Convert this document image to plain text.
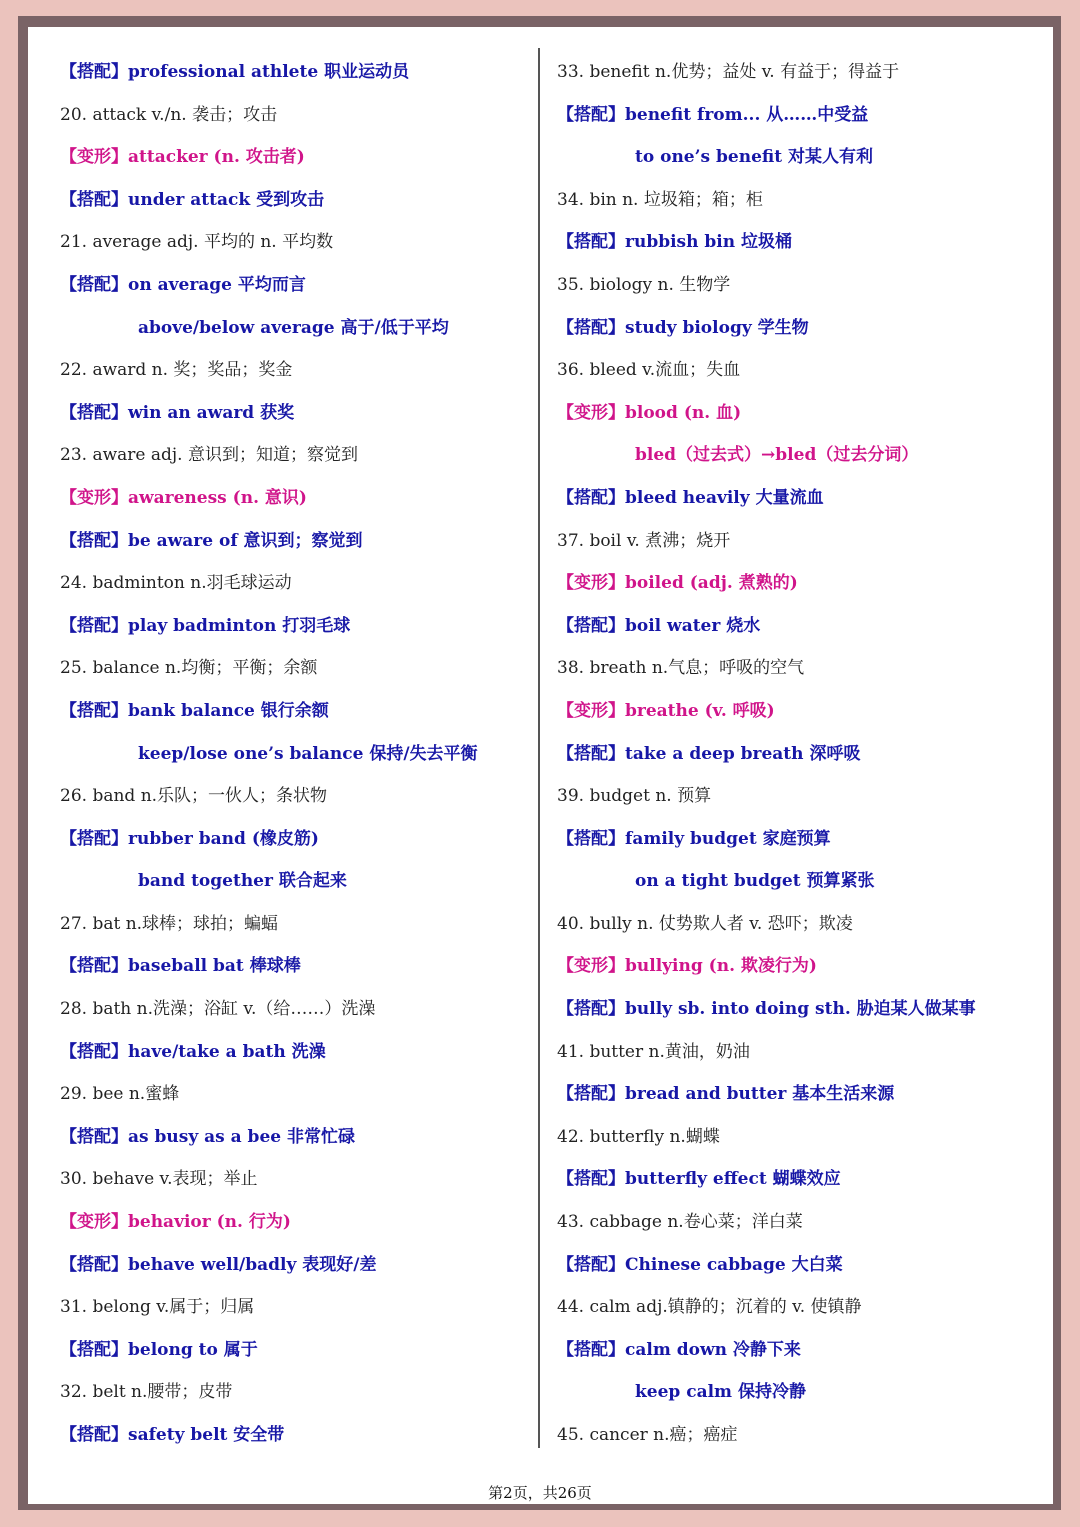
【搭配】professional athlete 职业运动员
20. attack v./n. 袭击；攻击
【变形】attacker (n. 攻击者)
【搭配】under attack 受到攻击
21. average adj. 平均的 n. 平均数
【搭配】on average 平均而言
above/below average 高于/低于平均
22. award n. 奖；奖品；奖金
【搭配】win an award 获奖
23. aware adj. 意识到；知道；察觉到
【变形】awareness (n. 意识)
【搭配】be aware of 意识到；察觉到
24. badminton n.羽毛球运动
【搭配】play badminton 打羽毛球
25. balance n.均衡；平衡；余额
【搭配】bank balance 银行余额
keep/lose one’s balance 保持/失去平衡
26. band n.乐队；一伙人；条状物
【搭配】rubber band (橡皮筋)
band together 联合起来
27. bat n.球棒；球拍；蝙蝠
【搭配】baseball bat 棒球棒
28. bath n.洗澡；浴缸 v.（给……）洗澡
【搭配】have/take a bath 洗澡
29. bee n.蜜蜂
【搭配】as busy as a bee 非常忙碌
30. behave v.表现；举止
【变形】behavior (n. 行为)
【搭配】behave well/badly 表现好/差
31. belong v.属于；归属
【搭配】belong to 属于
32. belt n.腰带；皮带
【搭配】safety belt 安全带
33. benefit n.优势；益处 v. 有益于；得益于
【搭配】benefit from... 从……中受益
to one’s benefit 对某人有利
34. bin n. 垃圾箱；箱；柜
【搭配】rubbish bin 垃圾桶
35. biology n. 生物学
【搭配】study biology 学生物
36. bleed v.流血；失血
【变形】blood (n. 血)
bled（过去式）→bled（过去分词）
【搭配】bleed heavily 大量流血
37. boil v. 煮沸；烧开
【变形】boiled (adj. 煮熟的)
【搭配】boil water 烧水
38. breath n.气息；呼吸的空气
【变形】breathe (v. 呼吸)
【搭配】take a deep breath 深呼吸
39. budget n. 预算
【搭配】family budget 家庭预算
on a tight budget 预算紧张
40. bully n. 仗势欺人者 v. 恐吓；欺凌
【变形】bullying (n. 欺凌行为)
【搭配】bully sb. into doing sth. 胁迫某人做某事
41. butter n.黄油，奶油
【搭配】bread and butter 基本生活来源
42. butterfly n.蝴蝶
【搭配】butterfly effect 蝴蝶效应
43. cabbage n.卷心菜；洋白菜
【搭配】Chinese cabbage 大白菜
44. calm adj.镇静的；沉着的 v. 使镇静
【搭配】calm down 冷静下来
keep calm 保持冷静
45. cancer n.癌；癌症
第2页，共26页
